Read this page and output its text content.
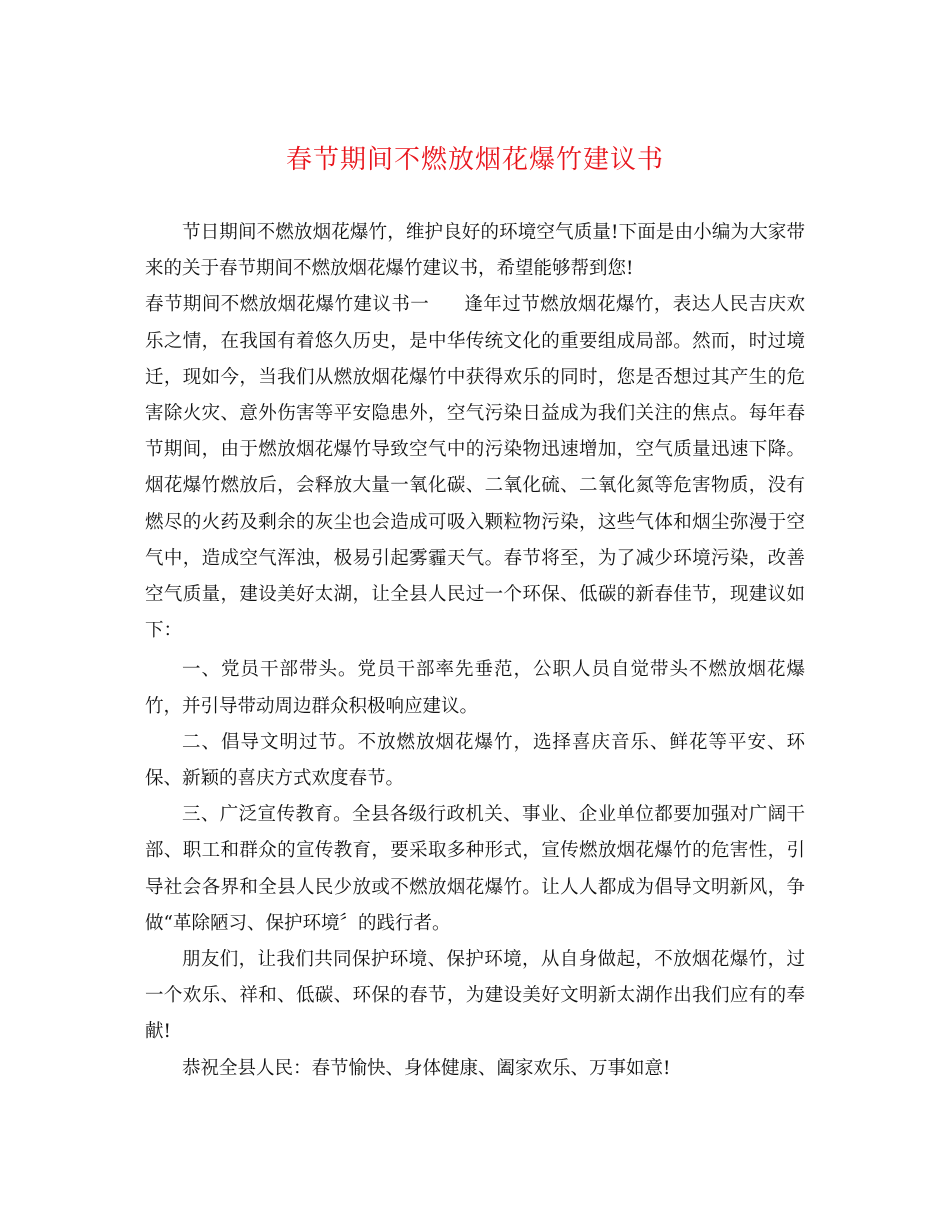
春节期间不燃放烟花爆竹建议书

节日期间不燃放烟花爆竹，维护良好的环境空气质量!下面是由小编为大家带来的关于春节期间不燃放烟花爆竹建议书，希望能够帮到您!

春节期间不燃放烟花爆竹建议书一 逢年过节燃放烟花爆竹，表达人民吉庆欢乐之情，在我国有着悠久历史，是中华传统文化的重要组成局部。然而，时过境迁，现如今，当我们从燃放烟花爆竹中获得欢乐的同时，您是否想过其产生的危害除火灾、意外伤害等平安隐患外，空气污染日益成为我们关注的焦点。每年春节期间，由于燃放烟花爆竹导致空气中的污染物迅速增加，空气质量迅速下降。烟花爆竹燃放后，会释放大量一氧化碳、二氧化硫、二氧化氮等危害物质，没有燃尽的火药及剩余的灰尘也会造成可吸入颗粒物污染，这些气体和烟尘弥漫于空气中，造成空气浑浊，极易引起雾霾天气。春节将至，为了减少环境污染，改善空气质量，建设美好太湖，让全县人民过一个环保、低碳的新春佳节，现建议如下：

一、党员干部带头。党员干部率先垂范，公职人员自觉带头不燃放烟花爆竹，并引导带动周边群众积极响应建议。

二、倡导文明过节。不放燃放烟花爆竹，选择喜庆音乐、鲜花等平安、环保、新颖的喜庆方式欢度春节。

三、广泛宣传教育。全县各级行政机关、事业、企业单位都要加强对广阔干部、职工和群众的宣传教育，要采取多种形式，宣传燃放烟花爆竹的危害性，引导社会各界和全县人民少放或不燃放烟花爆竹。让人人都成为倡导文明新风，争做“革除陋习、保护环境〞的践行者。

朋友们，让我们共同保护环境、保护环境，从自身做起，不放烟花爆竹，过一个欢乐、祥和、低碳、环保的春节，为建设美好文明新太湖作出我们应有的奉献!

恭祝全县人民：春节愉快、身体健康、阖家欢乐、万事如意!
